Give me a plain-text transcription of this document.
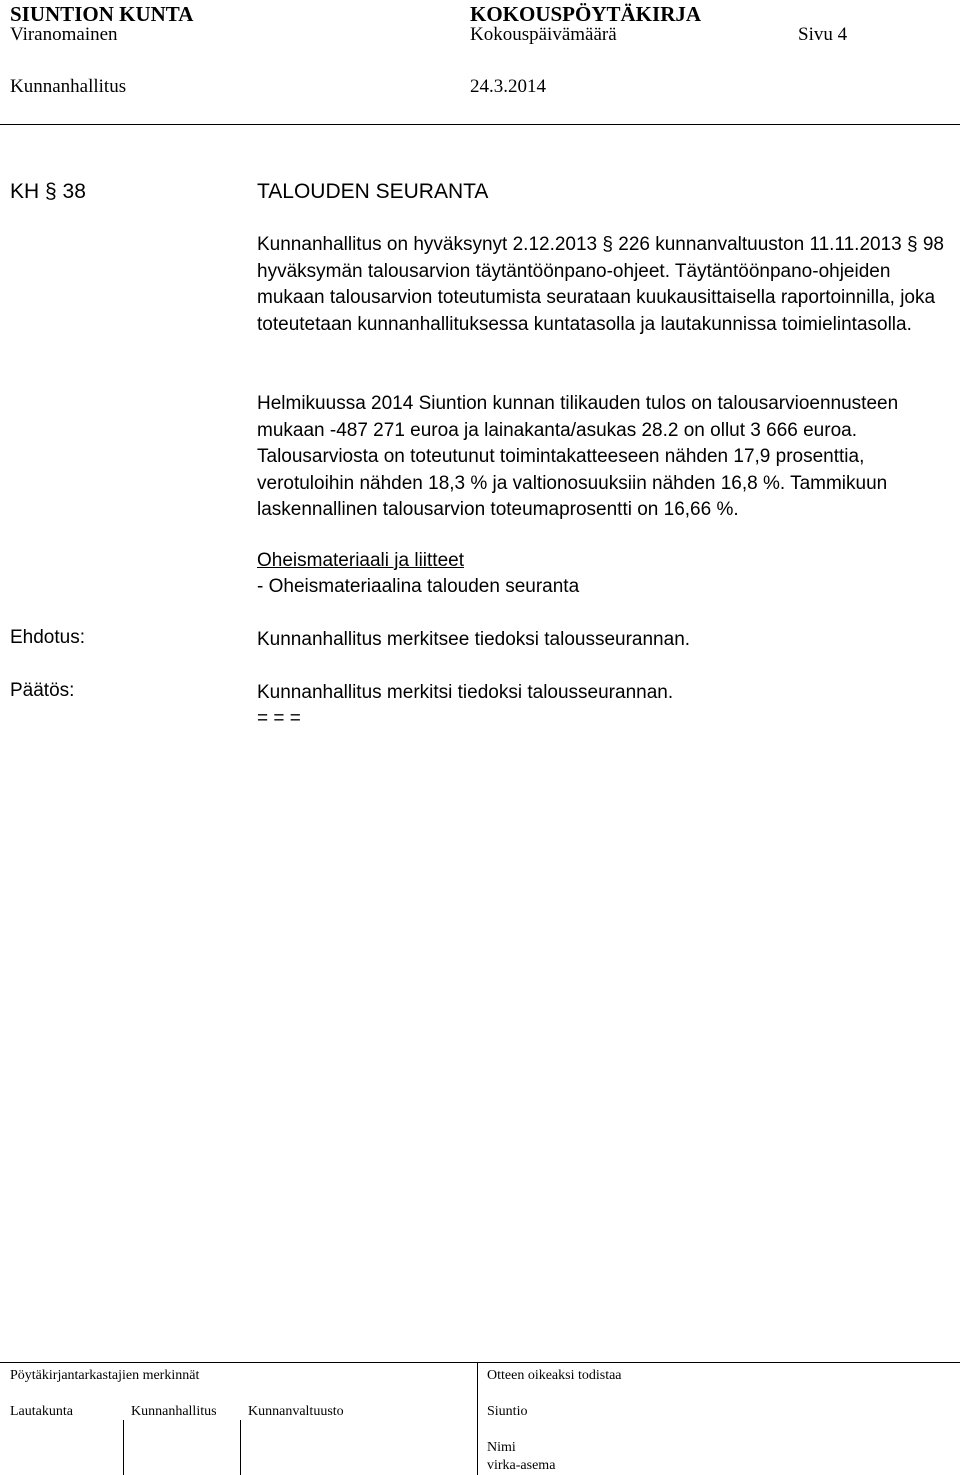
SIUNTION KUNTA	KOKOUSPÖYTÄKIRJA
Viranomainen	Kokouspäivämäärä	Sivu 4
Kunnanhallitus	24.3.2014
KH § 38	TALOUDEN SEURANTA

Kunnanhallitus on hyväksynyt 2.12.2013 § 226 kunnanvaltuuston 11.11.2013 § 98 hyväksymän talousarvion täytäntöönpano-ohjeet. Täytäntöönpano-ohjeiden mukaan talousarvion toteutumista seurataan kuukausittaisella raportoinnilla, joka toteutetaan kunnanhallituksessa kuntatasolla ja lautakunnissa toimielintasolla.

Helmikuussa 2014 Siuntion kunnan tilikauden tulos on talousarvioennusteen mukaan -487 271 euroa ja lainakanta/asukas 28.2 on ollut 3 666 euroa. Talousarviosta on toteutunut toimintakatteeseen nähden 17,9 prosenttia, verotuloihin nähden 18,3 % ja valtionosuuksiin nähden 16,8 %. Tammikuun laskennallinen talousarvion toteumaprosentti on 16,66 %.

Oheismateriaali ja liitteet
- Oheismateriaalina talouden seuranta
Ehdotus:	Kunnanhallitus merkitsee tiedoksi talousseurannan.
Päätös:	Kunnanhallitus merkitsi tiedoksi talousseurannan.
= = =
Pöytäkirjantarkastajien merkinnät	Otteen oikeaksi todistaa
Lautakunta	Kunnanhallitus Kunnanvaltuusto	Siuntio
Nimi
virka-asema
